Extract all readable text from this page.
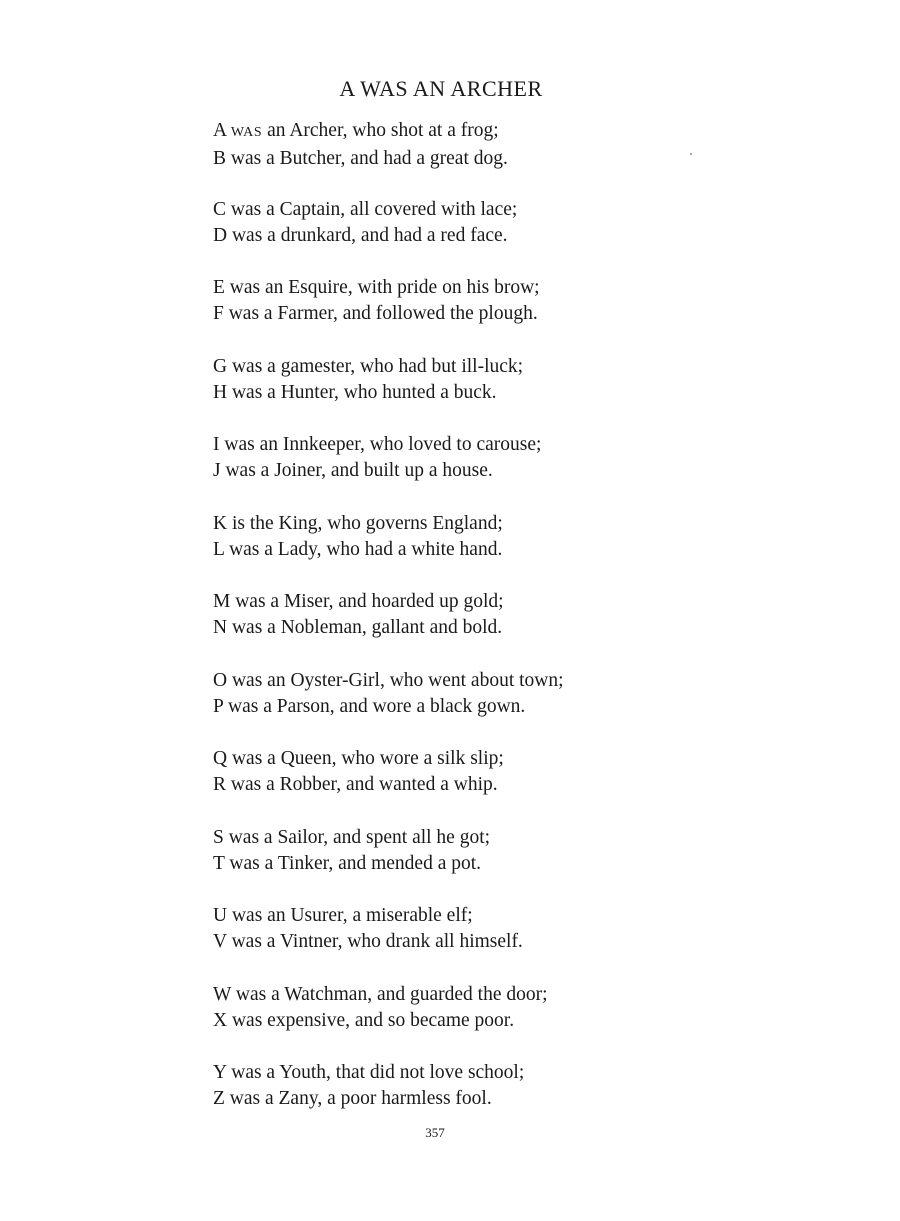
A WAS AN ARCHER
A WAS an Archer, who shot at a frog;
B was a Butcher, and had a great dog.
C was a Captain, all covered with lace;
D was a drunkard, and had a red face.
E was an Esquire, with pride on his brow;
F was a Farmer, and followed the plough.
G was a gamester, who had but ill-luck;
H was a Hunter, who hunted a buck.
I was an Innkeeper, who loved to carouse;
J was a Joiner, and built up a house.
K is the King, who governs England;
L was a Lady, who had a white hand.
M was a Miser, and hoarded up gold;
N was a Nobleman, gallant and bold.
O was an Oyster-Girl, who went about town;
P was a Parson, and wore a black gown.
Q was a Queen, who wore a silk slip;
R was a Robber, and wanted a whip.
S was a Sailor, and spent all he got;
T was a Tinker, and mended a pot.
U was an Usurer, a miserable elf;
V was a Vintner, who drank all himself.
W was a Watchman, and guarded the door;
X was expensive, and so became poor.
Y was a Youth, that did not love school;
Z was a Zany, a poor harmless fool.
357
